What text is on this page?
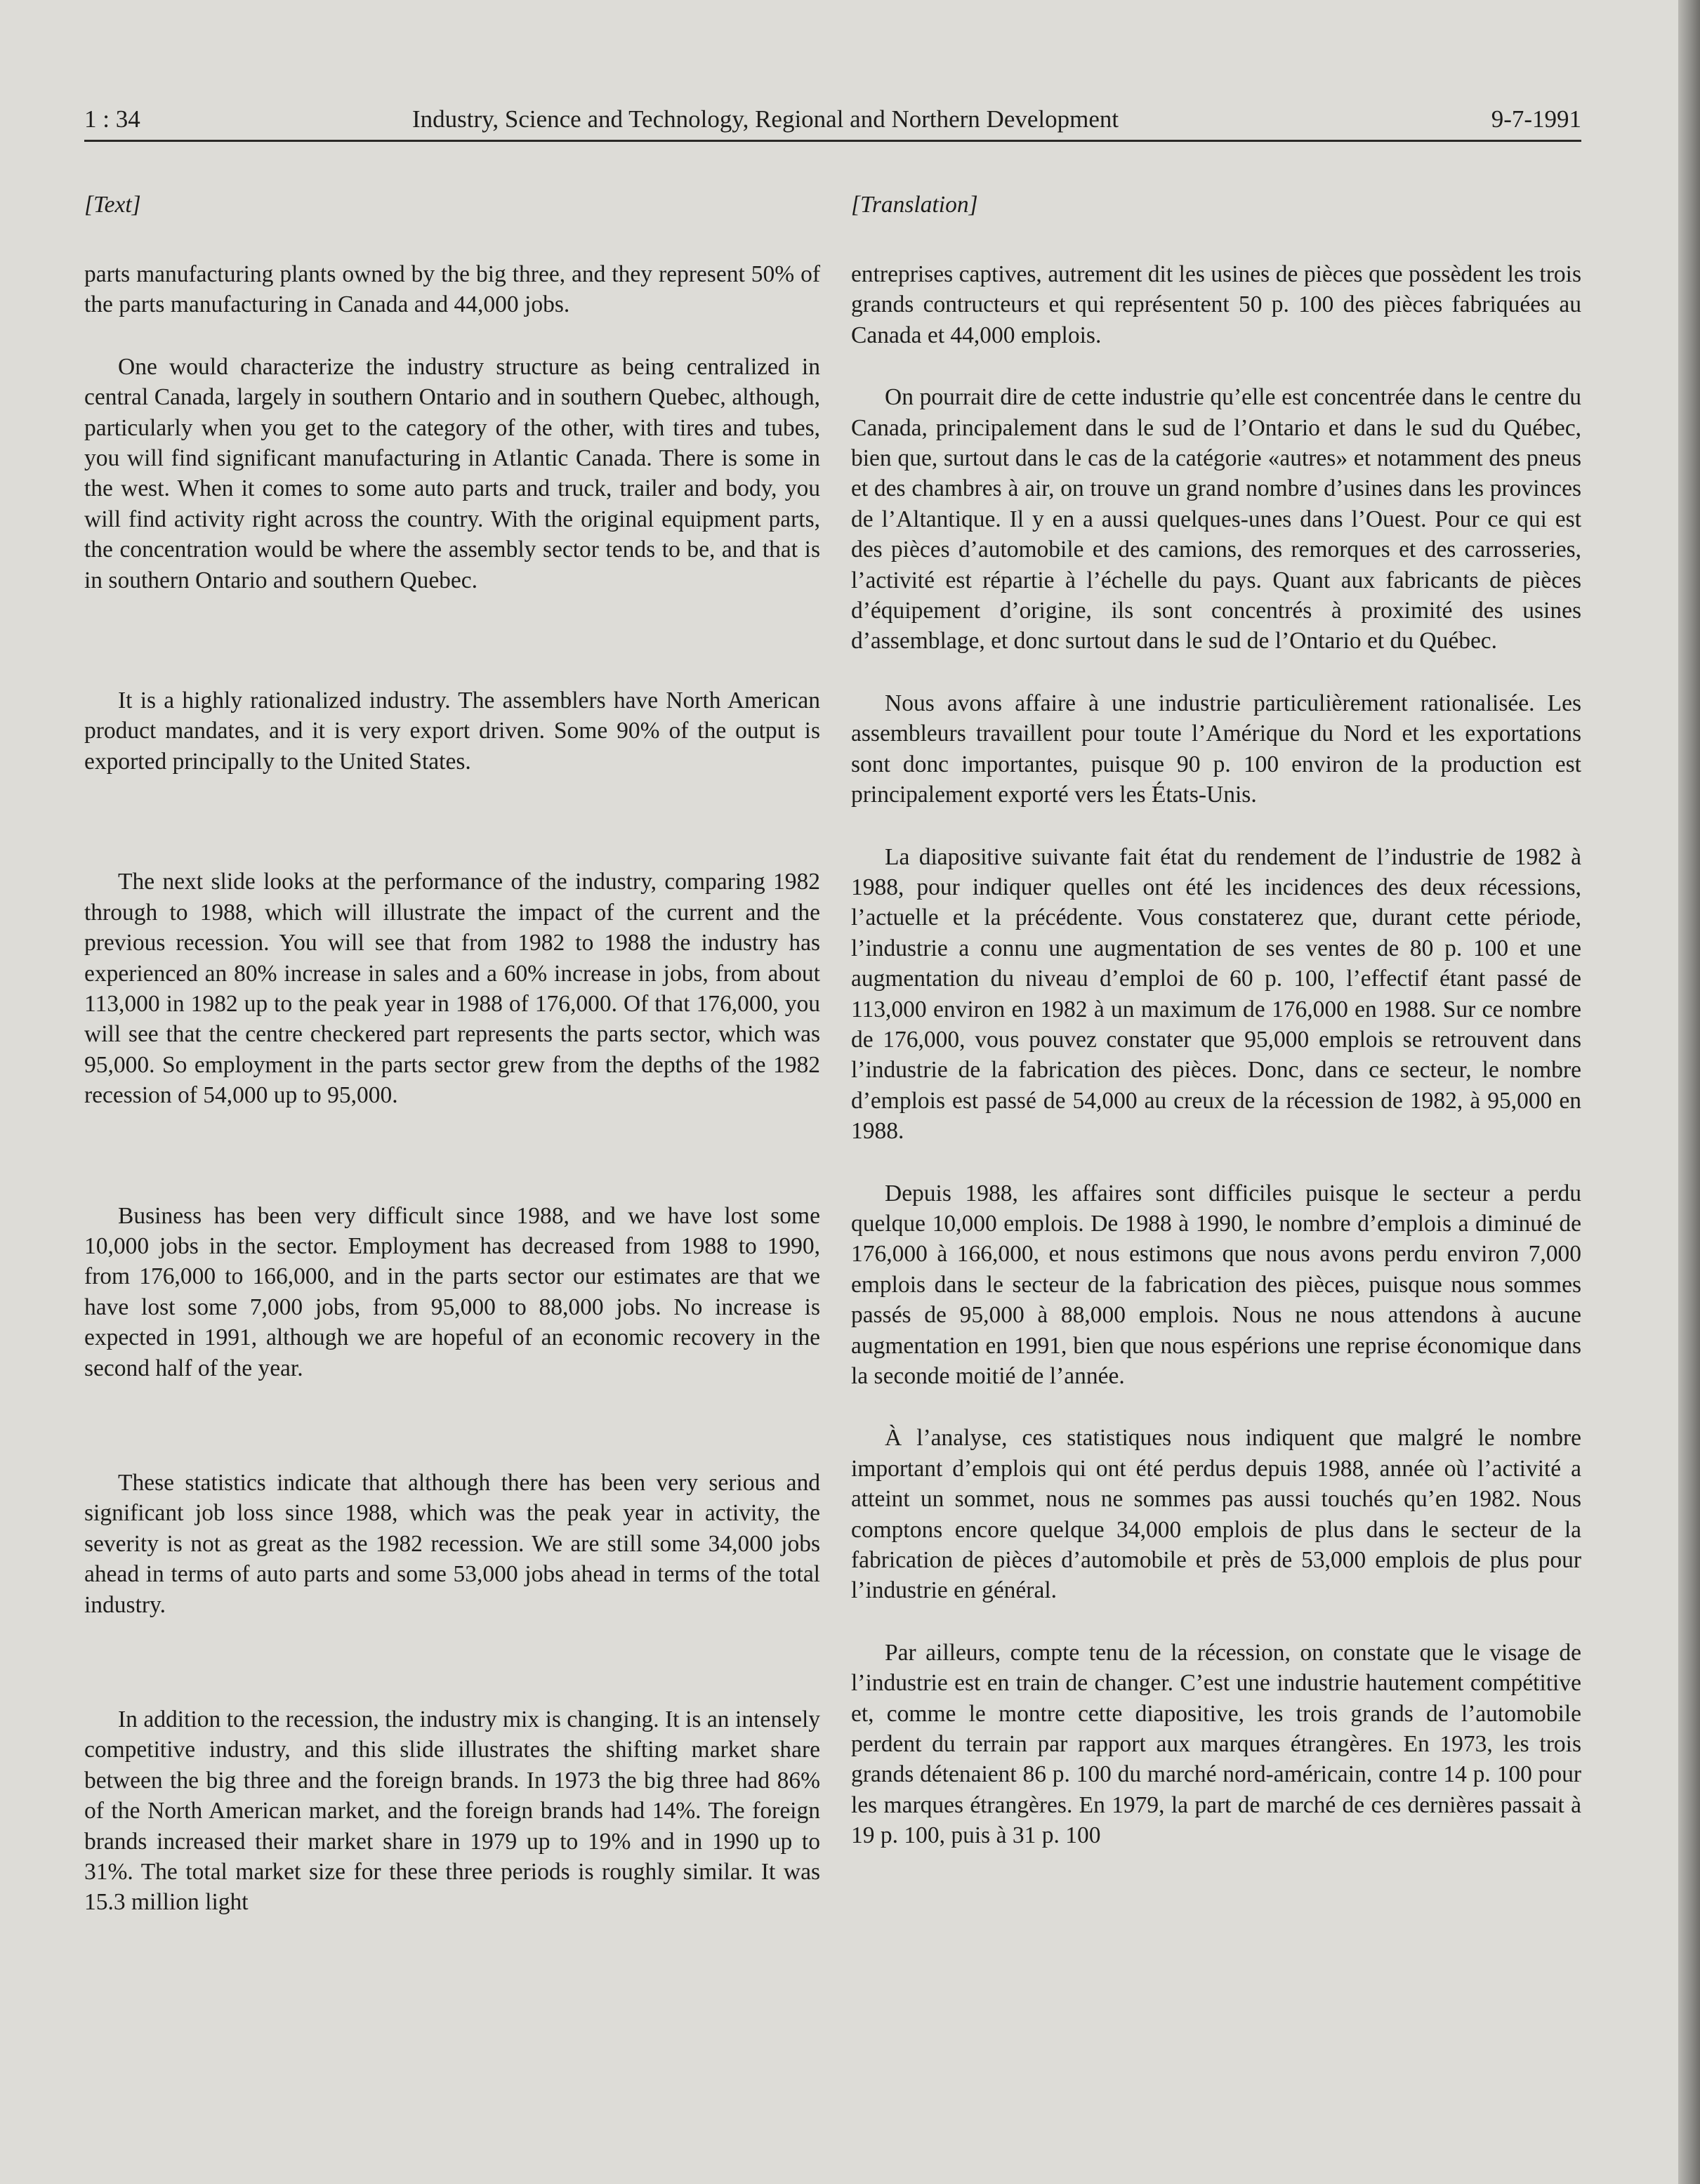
1 : 34	Industry, Science and Technology, Regional and Northern Development	9-7-1991
[Text]

parts manufacturing plants owned by the big three, and they represent 50% of the parts manufacturing in Canada and 44,000 jobs.

One would characterize the industry structure as being centralized in central Canada, largely in southern Ontario and in southern Quebec, although, particularly when you get to the category of the other, with tires and tubes, you will find significant manufacturing in Atlantic Canada. There is some in the west. When it comes to some auto parts and truck, trailer and body, you will find activity right across the country. With the original equipment parts, the concentration would be where the assembly sector tends to be, and that is in southern Ontario and southern Quebec.

It is a highly rationalized industry. The assemblers have North American product mandates, and it is very export driven. Some 90% of the output is exported principally to the United States.

The next slide looks at the performance of the industry, comparing 1982 through to 1988, which will illustrate the impact of the current and the previous recession. You will see that from 1982 to 1988 the industry has experienced an 80% increase in sales and a 60% increase in jobs, from about 113,000 in 1982 up to the peak year in 1988 of 176,000. Of that 176,000, you will see that the centre checkered part represents the parts sector, which was 95,000. So employment in the parts sector grew from the depths of the 1982 recession of 54,000 up to 95,000.

Business has been very difficult since 1988, and we have lost some 10,000 jobs in the sector. Employment has decreased from 1988 to 1990, from 176,000 to 166,000, and in the parts sector our estimates are that we have lost some 7,000 jobs, from 95,000 to 88,000 jobs. No increase is expected in 1991, although we are hopeful of an economic recovery in the second half of the year.

These statistics indicate that although there has been very serious and significant job loss since 1988, which was the peak year in activity, the severity is not as great as the 1982 recession. We are still some 34,000 jobs ahead in terms of auto parts and some 53,000 jobs ahead in terms of the total industry.

In addition to the recession, the industry mix is changing. It is an intensely competitive industry, and this slide illustrates the shifting market share between the big three and the foreign brands. In 1973 the big three had 86% of the North American market, and the foreign brands had 14%. The foreign brands increased their market share in 1979 up to 19% and in 1990 up to 31%. The total market size for these three periods is roughly similar. It was 15.3 million light

[Translation]

entreprises captives, autrement dit les usines de pièces que possèdent les trois grands contructeurs et qui représentent 50 p. 100 des pièces fabriquées au Canada et 44,000 emplois.

On pourrait dire de cette industrie qu’elle est concentrée dans le centre du Canada, principalement dans le sud de l’Ontario et dans le sud du Québec, bien que, surtout dans le cas de la catégorie «autres» et notamment des pneus et des chambres à air, on trouve un grand nombre d’usines dans les provinces de l’Altantique. Il y en a aussi quelques-unes dans l’Ouest. Pour ce qui est des pièces d’automobile et des camions, des remorques et des carrosseries, l’activité est répartie à l’échelle du pays. Quant aux fabricants de pièces d’équipement d’origine, ils sont concentrés à proximité des usines d’assemblage, et donc surtout dans le sud de l’Ontario et du Québec.

Nous avons affaire à une industrie particulièrement rationalisée. Les assembleurs travaillent pour toute l’Amérique du Nord et les exportations sont donc importantes, puisque 90 p. 100 environ de la production est principalement exporté vers les États-Unis.

La diapositive suivante fait état du rendement de l’industrie de 1982 à 1988, pour indiquer quelles ont été les incidences des deux récessions, l’actuelle et la précédente. Vous constaterez que, durant cette période, l’industrie a connu une augmentation de ses ventes de 80 p. 100 et une augmentation du niveau d’emploi de 60 p. 100, l’effectif étant passé de 113,000 environ en 1982 à un maximum de 176,000 en 1988. Sur ce nombre de 176,000, vous pouvez constater que 95,000 emplois se retrouvent dans l’industrie de la fabrication des pièces. Donc, dans ce secteur, le nombre d’emplois est passé de 54,000 au creux de la récession de 1982, à 95,000 en 1988.

Depuis 1988, les affaires sont difficiles puisque le secteur a perdu quelque 10,000 emplois. De 1988 à 1990, le nombre d’emplois a diminué de 176,000 à 166,000, et nous estimons que nous avons perdu environ 7,000 emplois dans le secteur de la fabrication des pièces, puisque nous sommes passés de 95,000 à 88,000 emplois. Nous ne nous attendons à aucune augmentation en 1991, bien que nous espérions une reprise économique dans la seconde moitié de l’année.

À l’analyse, ces statistiques nous indiquent que malgré le nombre important d’emplois qui ont été perdus depuis 1988, année où l’activité a atteint un sommet, nous ne sommes pas aussi touchés qu’en 1982. Nous comptons encore quelque 34,000 emplois de plus dans le secteur de la fabrication de pièces d’automobile et près de 53,000 emplois de plus pour l’industrie en général.

Par ailleurs, compte tenu de la récession, on constate que le visage de l’industrie est en train de changer. C’est une industrie hautement compétitive et, comme le montre cette diapositive, les trois grands de l’automobile perdent du terrain par rapport aux marques étrangères. En 1973, les trois grands détenaient 86 p. 100 du marché nord-américain, contre 14 p. 100 pour les marques étrangères. En 1979, la part de marché de ces dernières passait à 19 p. 100, puis à 31 p. 100
